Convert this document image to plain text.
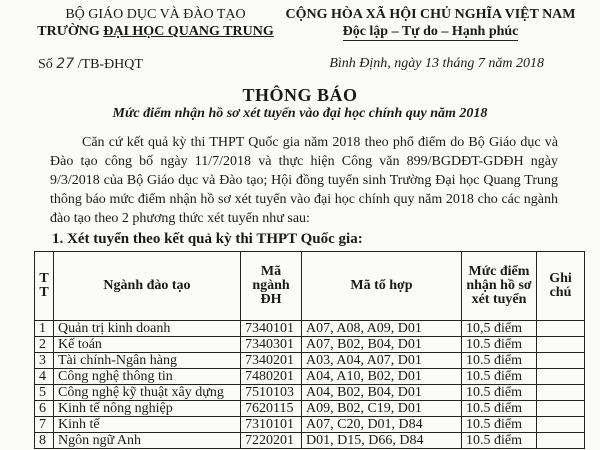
BỘ GIÁO DỤC VÀ ĐÀO TẠO
TRƯỜNG ĐẠI HỌC QUANG TRUNG
CỘNG HÒA XÃ HỘI CHỦ NGHĨA VIỆT NAM
Độc lập – Tự do – Hạnh phúc
Số 27 /TB-ĐHQT	Bình Định, ngày 13 tháng 7 năm 2018
THÔNG BÁO
Mức điểm nhận hồ sơ xét tuyển vào đại học chính quy năm 2018

Căn cứ kết quả kỳ thi THPT Quốc gia năm 2018 theo phổ điểm do Bộ Giáo dục và Đào tạo công bố ngày 11/7/2018 và thực hiện Công văn 899/BGDĐT-GDĐH ngày 9/3/2018 của Bộ Giáo dục và Đào tạo; Hội đồng tuyển sinh Trường Đại học Quang Trung thông báo mức điểm nhận hồ sơ xét tuyển vào đại học chính quy năm 2018 cho các ngành đào tạo theo 2 phương thức xét tuyển như sau:

1. Xét tuyển theo kết quả kỳ thi THPT Quốc gia:
T T	Ngành đào tạo	Mã ngành ĐH	Mã tổ hợp	Mức điểm nhận hồ sơ xét tuyển	Ghi chú
1	Quản trị kinh doanh	7340101	A07, A08, A09, D01	10,5 điểm	
2	Kế toán	7340301	A07, B02, B04, D01	10.5 điểm	
3	Tài chính-Ngân hàng	7340201	A03, A04, A07, D01	10.5 điểm	
4	Công nghệ thông tin	7480201	A04, A10, B02, D01	10.5 điểm	
5	Công nghệ kỹ thuật xây dựng	7510103	A04, B02, B04, D01	10.5 điểm	
6	Kinh tế nông nghiệp	7620115	A09, B02, C19, D01	10.5 điểm	
7	Kinh tế	7310101	A07, C20, D01, D84	10.5 điểm	
8	Ngôn ngữ Anh	7220201	D01, D15, D66, D84	10.5 điểm	
